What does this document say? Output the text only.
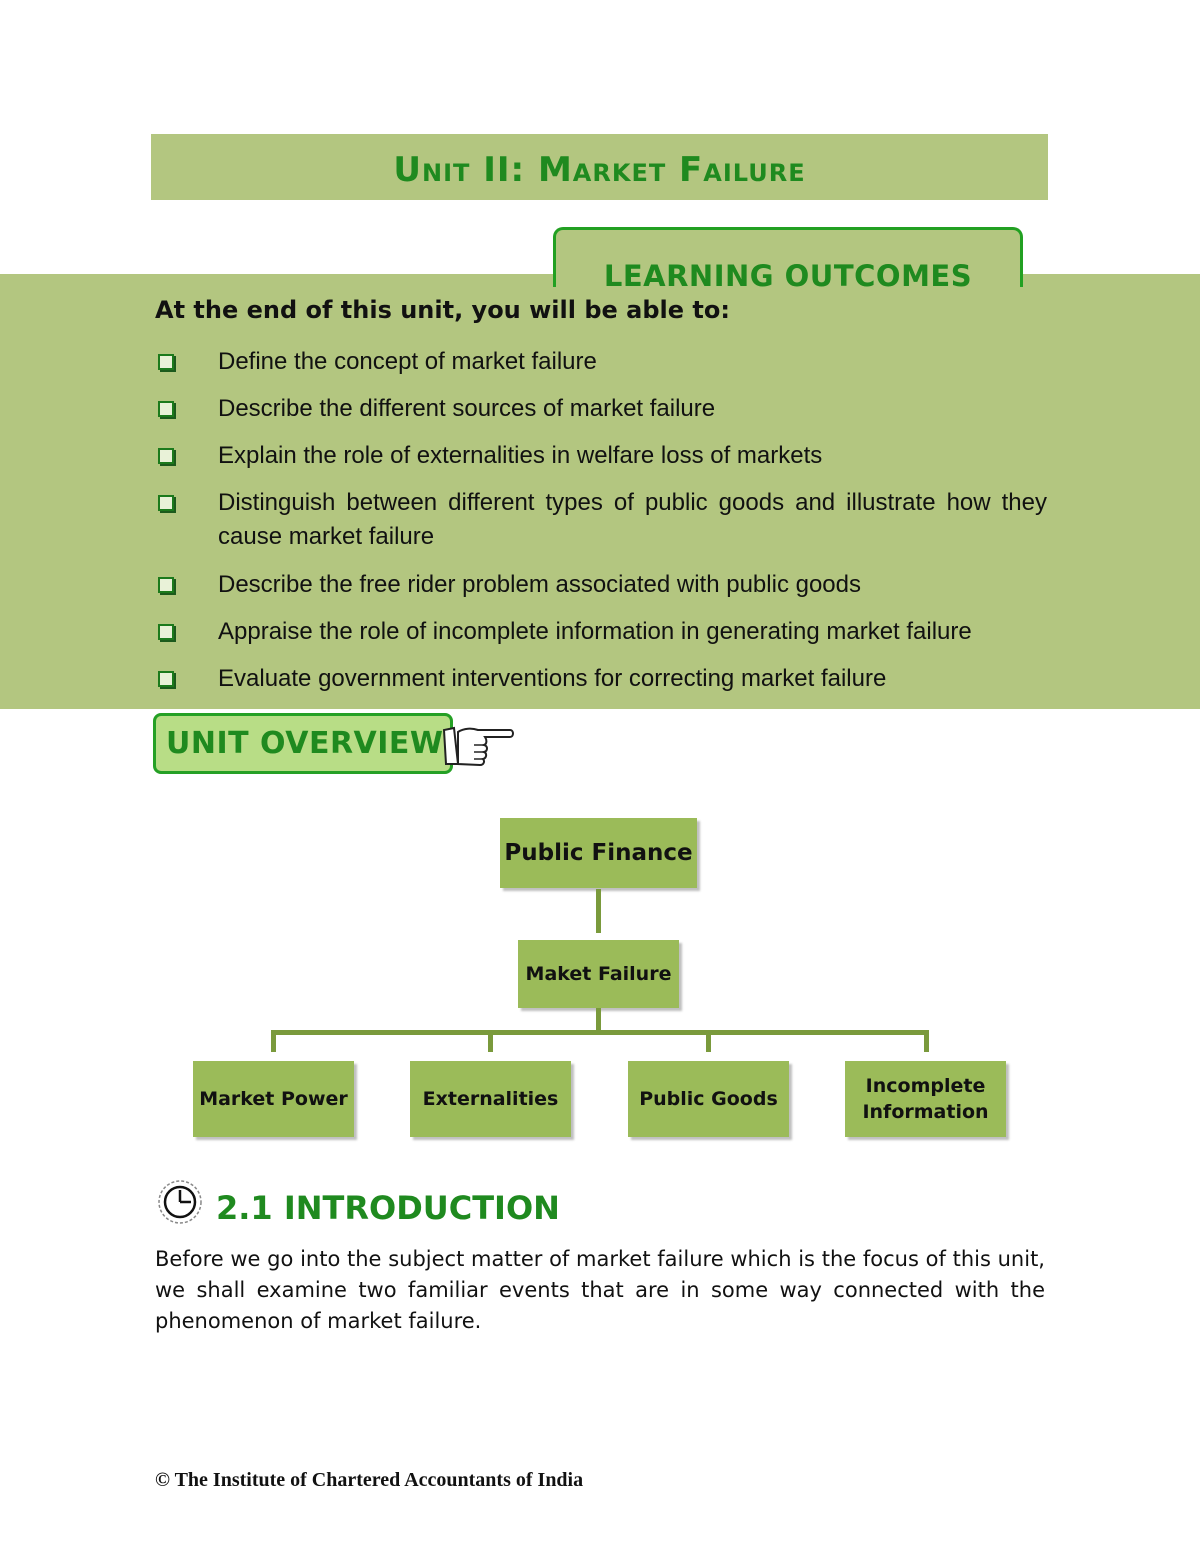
Unit II: Market Failure
LEARNING OUTCOMES
At the end of this unit, you will be able to:
Define the concept of market failure
Describe the different sources of market failure
Explain the role of externalities in welfare loss of markets
Distinguish between different types of public goods and illustrate how they cause market failure
Describe the free rider problem associated with public goods
Appraise the role of incomplete information in generating market failure
Evaluate government interventions for correcting market failure
UNIT OVERVIEW
Public Finance
Maket Failure
Market Power	Externalities	Public Goods
Incomplete Information
2.1 INTRODUCTION
Before we go into the subject matter of market failure which is the focus of this unit, we shall examine two familiar events that are in some way connected with the phenomenon of market failure.
© The Institute of Chartered Accountants of India
